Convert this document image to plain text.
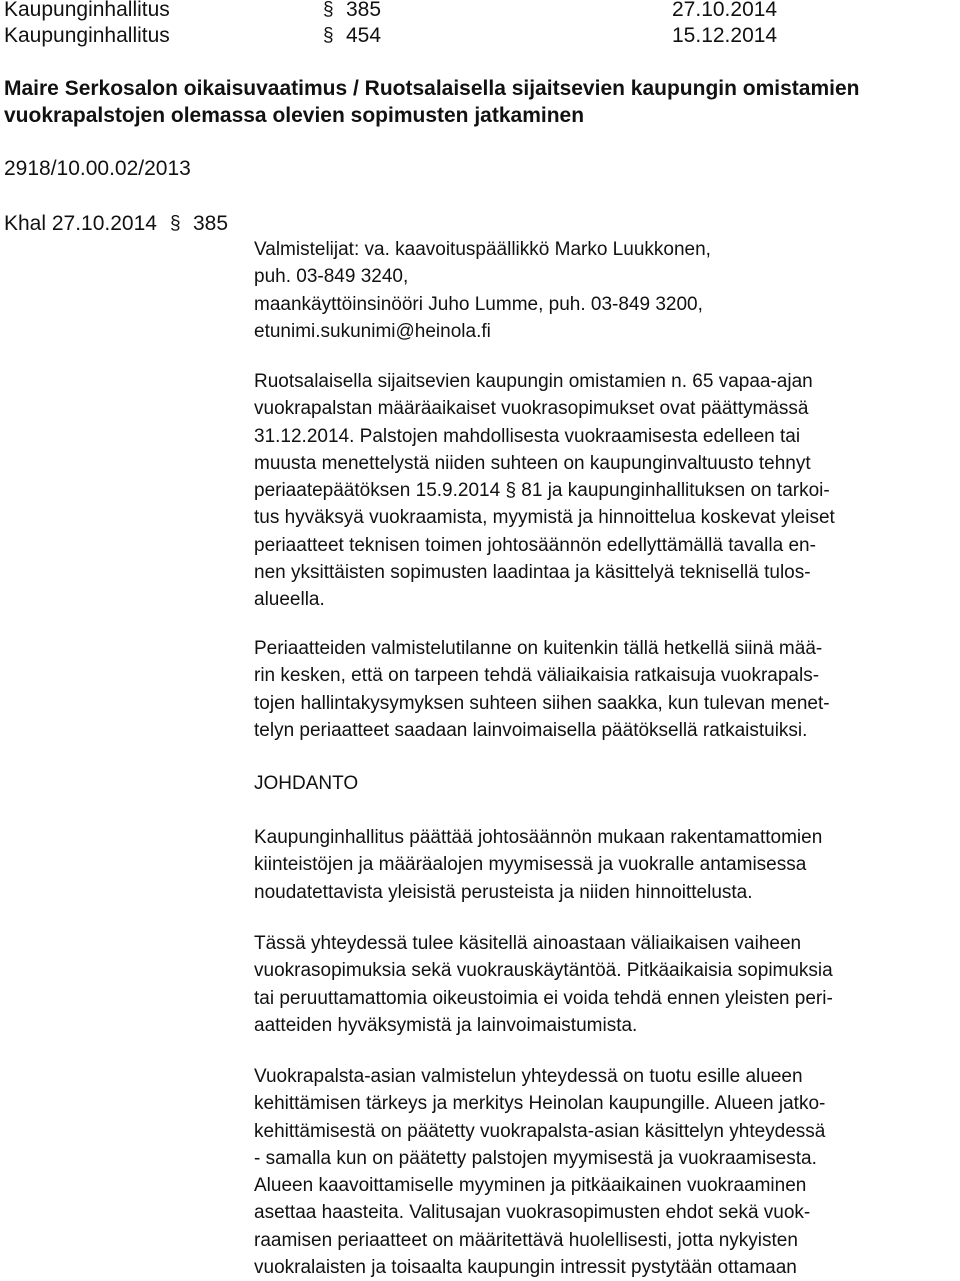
Kaupunginhallitus	§ 385	27.10.2014
Kaupunginhallitus	§ 454	15.12.2014
Maire Serkosalon oikaisuvaatimus / Ruotsalaisella sijaitsevien kaupungin omistamien
vuokrapalstojen olemassa olevien sopimusten jatkaminen
2918/10.00.02/2013
Khal 27.10.2014 § 385
Valmistelijat: va. kaavoituspäällikkö Marko Luukkonen,
puh. 03-849 3240,
maankäyttöinsinööri Juho Lumme, puh. 03-849 3200,
etunimi.sukunimi@heinola.fi
Ruotsalaisella sijaitsevien kaupungin omistamien n. 65 vapaa-ajan
vuokrapalstan määräaikaiset vuokrasopimukset ovat päättymässä
31.12.2014. Palstojen mahdollisesta vuokraamisesta edelleen tai
muusta menettelystä niiden suhteen on kaupunginvaltuusto tehnyt
periaatepäätöksen 15.9.2014 § 81 ja kaupunginhallituksen on tarkoi-
tus hyväksyä vuokraamista, myymistä ja hinnoittelua koskevat yleiset
periaatteet teknisen toimen johtosäännön edellyttämällä tavalla en-
nen yksittäisten sopimusten laadintaa ja käsittelyä teknisellä tulos-
alueella.
Periaatteiden valmistelutilanne on kuitenkin tällä hetkellä siinä mää-
rin kesken, että on tarpeen tehdä väliaikaisia ratkaisuja vuokrapals-
tojen hallintakysymyksen suhteen siihen saakka, kun tulevan menet-
telyn periaatteet saadaan lainvoimaisella päätöksellä ratkaistuiksi.
JOHDANTO
Kaupunginhallitus päättää johtosäännön mukaan rakentamattomien
kiinteistöjen ja määräalojen myymisessä ja vuokralle antamisessa
noudatettavista yleisistä perusteista ja niiden hinnoittelusta.
Tässä yhteydessä tulee käsitellä ainoastaan väliaikaisen vaiheen
vuokrasopimuksia sekä vuokrauskäytäntöä. Pitkäaikaisia sopimuksia
tai peruuttamattomia oikeustoimia ei voida tehdä ennen yleisten peri-
aatteiden hyväksymistä ja lainvoimaistumista.
Vuokrapalsta-asian valmistelun yhteydessä on tuotu esille alueen
kehittämisen tärkeys ja merkitys Heinolan kaupungille. Alueen jatko-
kehittämisestä on päätetty vuokrapalsta-asian käsittelyn yhteydessä
- samalla kun on päätetty palstojen myymisestä ja vuokraamisesta.
Alueen kaavoittamiselle myyminen ja pitkäaikainen vuokraaminen
asettaa haasteita. Valitusajan vuokrasopimusten ehdot sekä vuok-
raamisen periaatteet on määritettävä huolellisesti, jotta nykyisten
vuokralaisten ja toisaalta kaupungin intressit pystytään ottamaan
